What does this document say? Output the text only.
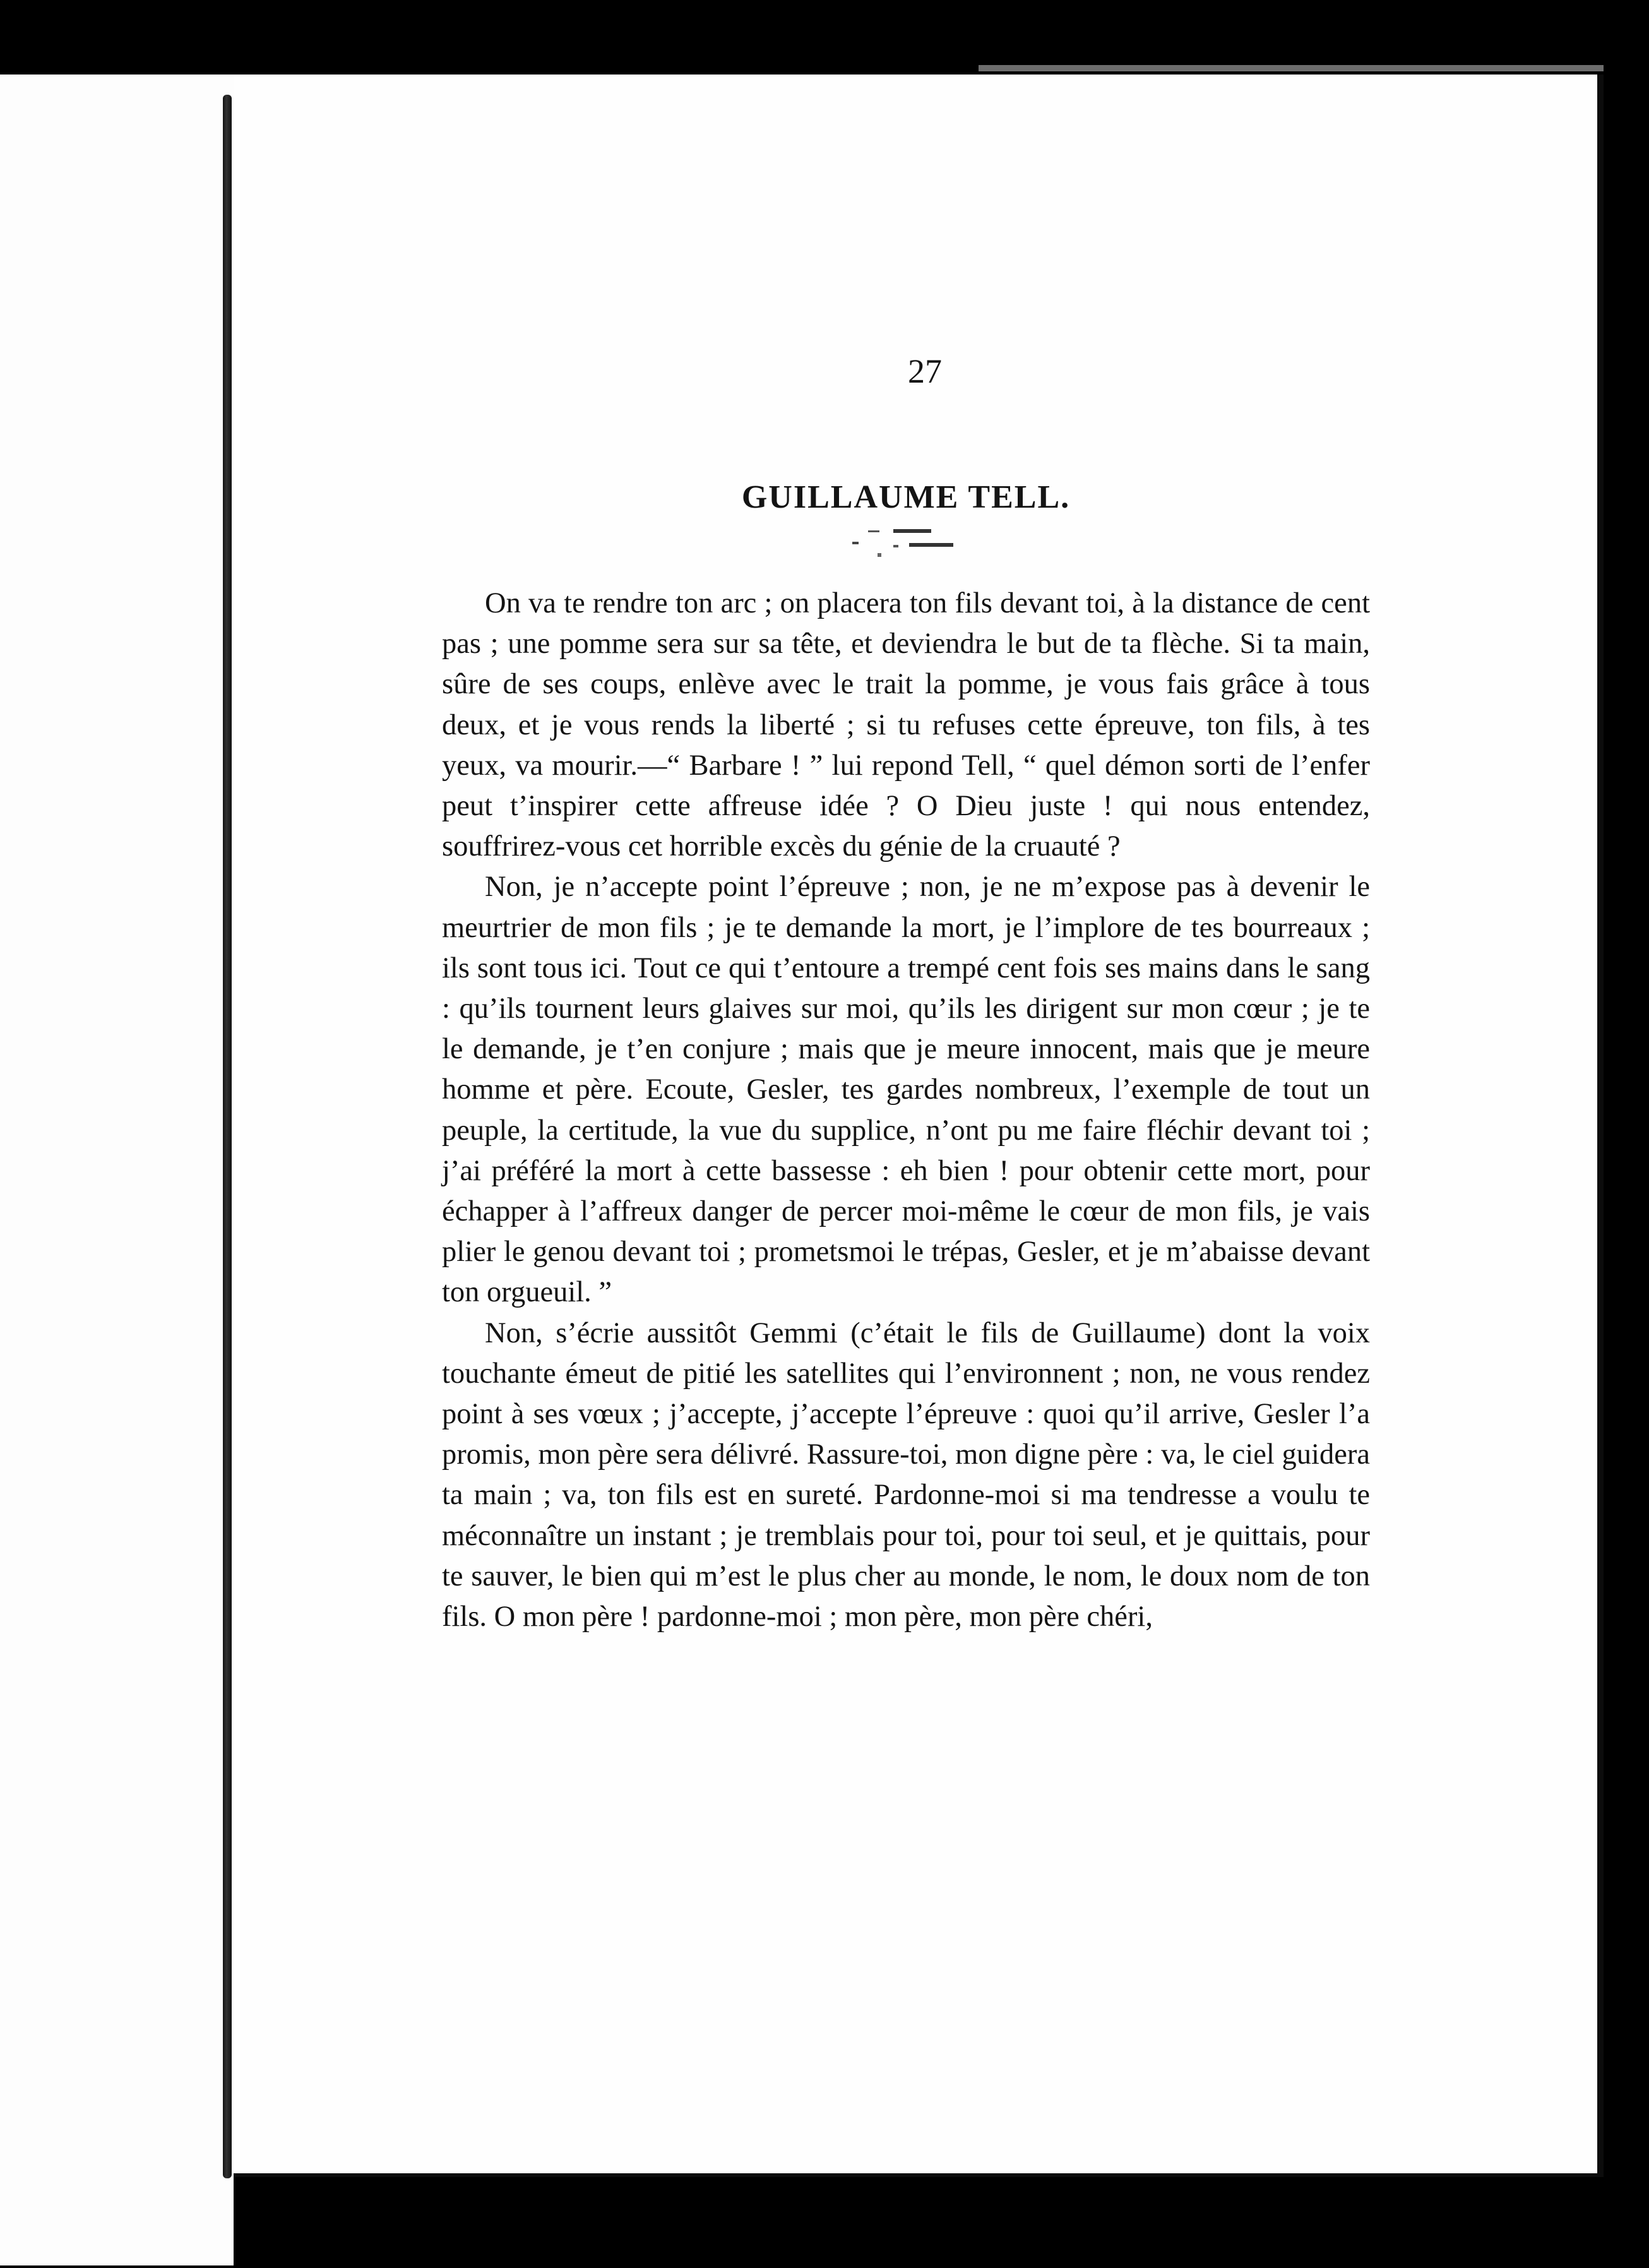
27
GUILLAUME TELL.

On va te rendre ton arc ; on placera ton fils devant toi, à la distance de cent pas ; une pomme sera sur sa tête, et deviendra le but de ta flèche. Si ta main, sûre de ses coups, enlève avec le trait la pomme, je vous fais grâce à tous deux, et je vous rends la liberté ; si tu refuses cette épreuve, ton fils, à tes yeux, va mourir.—“ Barbare ! ” lui repond Tell, “ quel démon sorti de l’enfer peut t’inspirer cette affreuse idée ? O Dieu juste ! qui nous entendez, souffrirez-vous cet horrible excès du génie de la cruauté ?

Non, je n’accepte point l’épreuve ; non, je ne m’expose pas à devenir le meurtrier de mon fils ; je te demande la mort, je l’implore de tes bourreaux ; ils sont tous ici. Tout ce qui t’entoure a trempé cent fois ses mains dans le sang : qu’ils tournent leurs glaives sur moi, qu’ils les dirigent sur mon cœur ; je te le demande, je t’en conjure ; mais que je meure innocent, mais que je meure homme et père. Ecoute, Gesler, tes gardes nombreux, l’exemple de tout un peuple, la certitude, la vue du supplice, n’ont pu me faire fléchir devant toi ; j’ai préféré la mort à cette bassesse : eh bien ! pour obtenir cette mort, pour échapper à l’affreux danger de percer moi-même le cœur de mon fils, je vais plier le genou devant toi ; prometsmoi le trépas, Gesler, et je m’abaisse devant ton orgueuil. ”

Non, s’écrie aussitôt Gemmi (c’était le fils de Guillaume) dont la voix touchante émeut de pitié les satellites qui l’environnent ; non, ne vous rendez point à ses vœux ; j’accepte, j’accepte l’épreuve : quoi qu’il arrive, Gesler l’a promis, mon père sera délivré. Rassure-toi, mon digne père : va, le ciel guidera ta main ; va, ton fils est en sureté. Pardonne-moi si ma tendresse a voulu te méconnaître un instant ; je tremblais pour toi, pour toi seul, et je quittais, pour te sauver, le bien qui m’est le plus cher au monde, le nom, le doux nom de ton fils. O mon père ! pardonne-moi ; mon père, mon père chéri,
